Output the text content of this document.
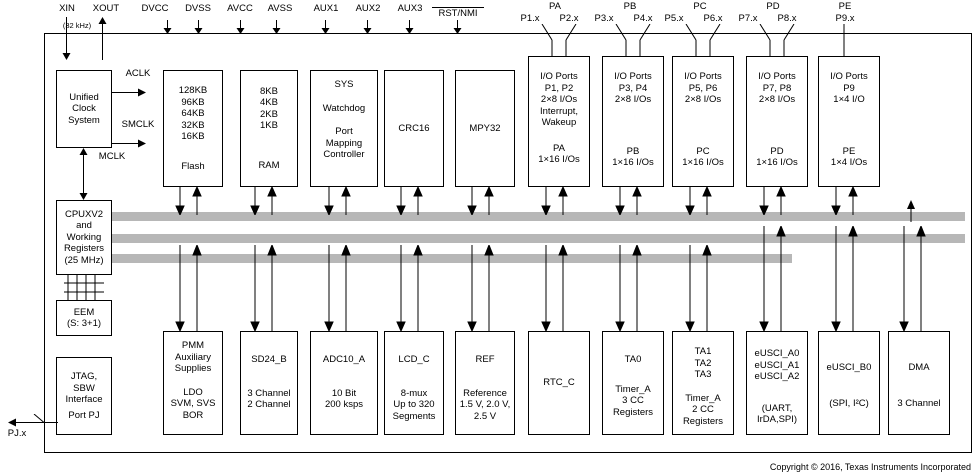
XIN	XOUT
(32 kHz)
DVCC	DVSS	AVCC	AVSS	AUX1	AUX2	AUX3	RST/NMI
PA
P1.x	P2.x
PB
P3.x	P4.x
PC
P5.x	P6.x
PD
P7.x	P8.x
PE
P9.x
Unified
Clock
System
ACLK
SMCLK
MCLK
CPUXV2
and
Working
Registers
(25 MHz)
EEM
(S: 3+1)
JTAG,
SBW
Interface
Port PJ
PJ.x
128KB
96KB
64KB
32KB
16KB
Flash
8KB
4KB
2KB
1KB
RAM
SYS
Watchdog
Port
Mapping
Controller
CRC16	MPY32
I/O Ports
P1, P2
2×8 I/Os
Interrupt,
Wakeup
PA
1×16 I/Os
I/O Ports
P3, P4
2×8 I/Os
PB
1×16 I/Os
I/O Ports
P5, P6
2×8 I/Os
PC
1×16 I/Os
I/O Ports
P7, P8
2×8 I/Os
PD
1×16 I/Os
I/O Ports
P9
1×4 I/O
PE
1×4 I/Os
PMM
Auxiliary
Supplies
LDO
SVM, SVS
BOR
SD24_B
3 Channel
2 Channel
ADC10_A
10 Bit
200 ksps
LCD_C
8-mux
Up to 320
Segments
REF
Reference
1.5 V, 2.0 V,
2.5 V
RTC_C
TA0
Timer_A
3 CC
Registers
TA1
TA2
TA3
Timer_A
2 CC
Registers
eUSCI_A0
eUSCI_A1
eUSCI_A2
(UART,
IrDA,SPI)
eUSCI_B0
(SPI, I²C)
DMA
3 Channel
Copyright © 2016, Texas Instruments Incorporated
